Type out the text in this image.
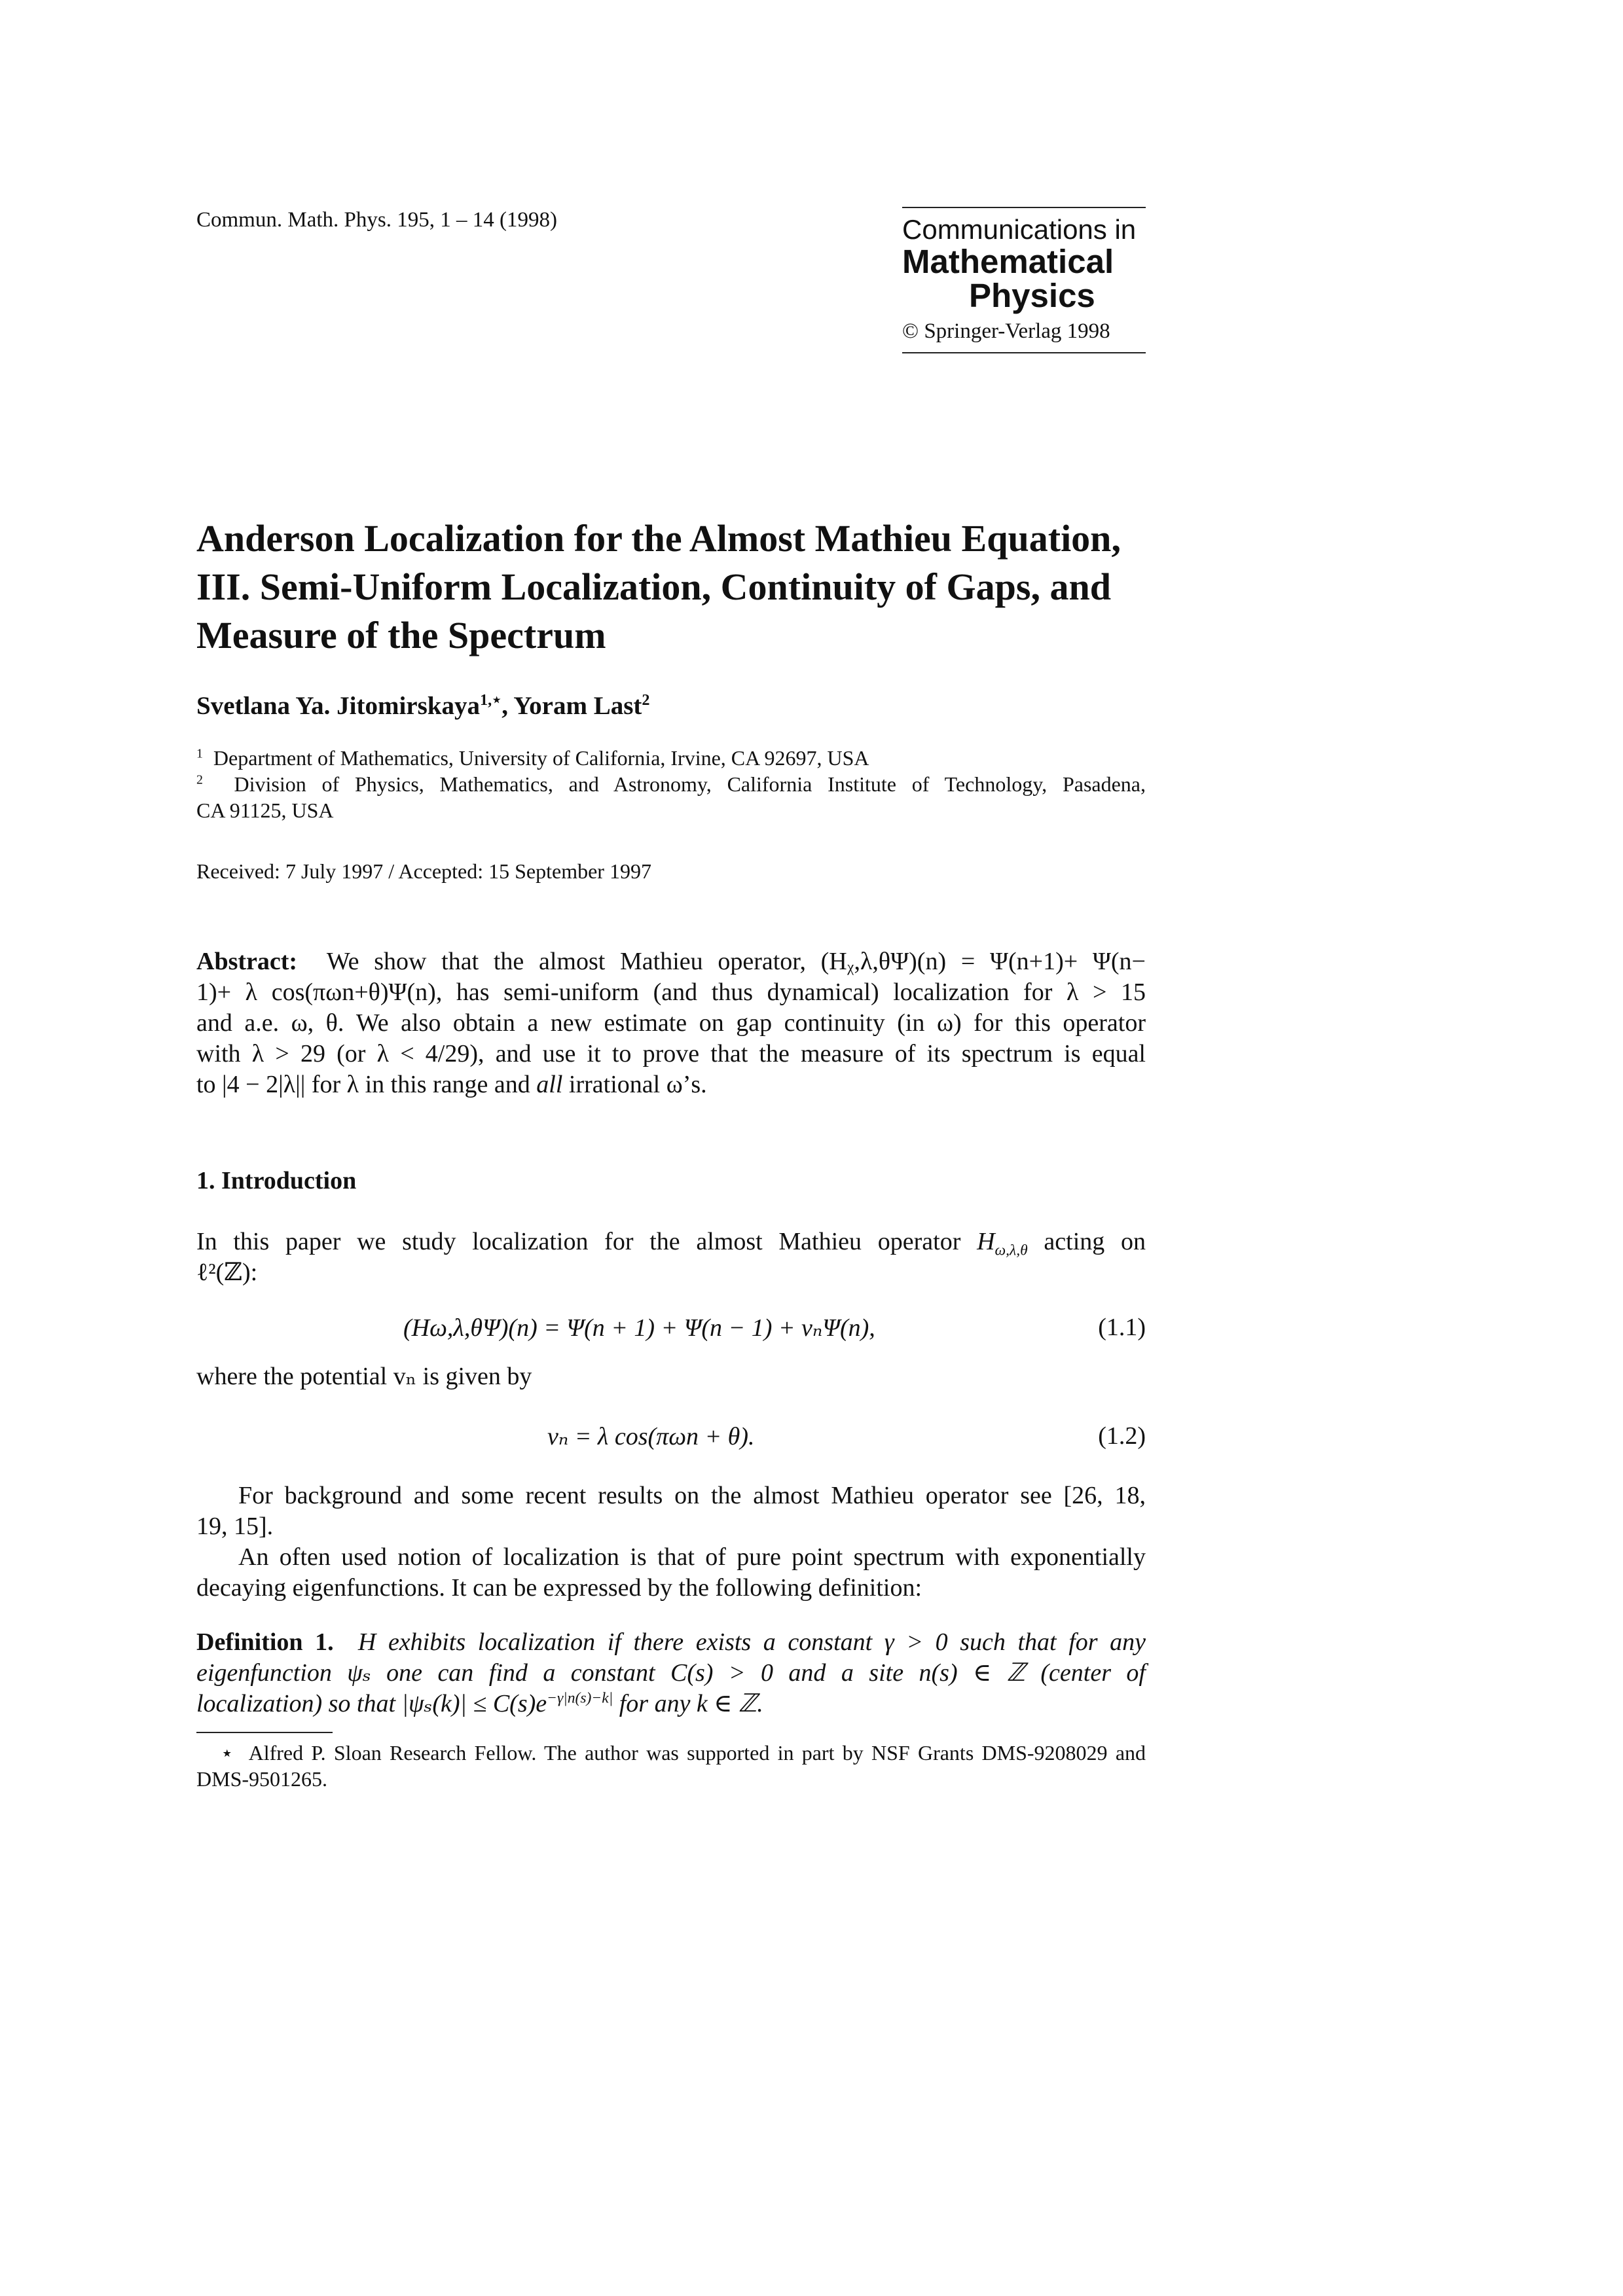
Commun. Math. Phys. 195, 1 – 14 (1998)	Communications in
Mathematical
Physics
© Springer-Verlag 1998
Anderson Localization for the Almost Mathieu Equation,
III. Semi-Uniform Localization, Continuity of Gaps, and
Measure of the Spectrum
Svetlana Ya. Jitomirskaya$^{1,⋆}$, Yoram Last$^2$
$^1$ Department of Mathematics, University of California, Irvine, CA 92697, USA
$^2$ Division of Physics, Mathematics, and Astronomy, California Institute of Technology, Pasadena,
CA 91125, USA
Received: 7 July 1997 / Accepted: 15 September 1997
Abstract: We show that the almost Mathieu operator, (Hᵪ,λ,θΨ)(n) = Ψ(n+1)+ Ψ(n−
1)+ λ cos(πωn+θ)Ψ(n), has semi-uniform (and thus dynamical) localization for λ > 15
and a.e. ω, θ. We also obtain a new estimate on gap continuity (in ω) for this operator
with λ > 29 (or λ < 4/29), and use it to prove that the measure of its spectrum is equal
to |4 − 2|λ|| for λ in this range and all irrational ω’s.
1. Introduction
In this paper we study localization for the almost Mathieu operator $H_{\omega,\lambda,\theta}$ acting on
ℓ²(ℤ):
(Hω,λ,θΨ)(n) = Ψ(n + 1) + Ψ(n − 1) + vₙΨ(n),	(1.1)
where the potential vₙ is given by
vₙ = λ cos(πωn + θ).	(1.2)
For background and some recent results on the almost Mathieu operator see [26, 18,
19, 15].
An often used notion of localization is that of pure point spectrum with exponentially
decaying eigenfunctions. It can be expressed by the following definition:
Definition 1. H exhibits localization if there exists a constant γ > 0 such that for any
eigenfunction ψₛ one can find a constant C(s) > 0 and a site n(s) ∈ ℤ (center of
localization) so that $|\psi_s(k)| \le C(s)e^{-\gamma|n(s)-k|}$ for any k ∈ ℤ.
⋆ Alfred P. Sloan Research Fellow. The author was supported in part by NSF Grants DMS-9208029 and
DMS-9501265.
